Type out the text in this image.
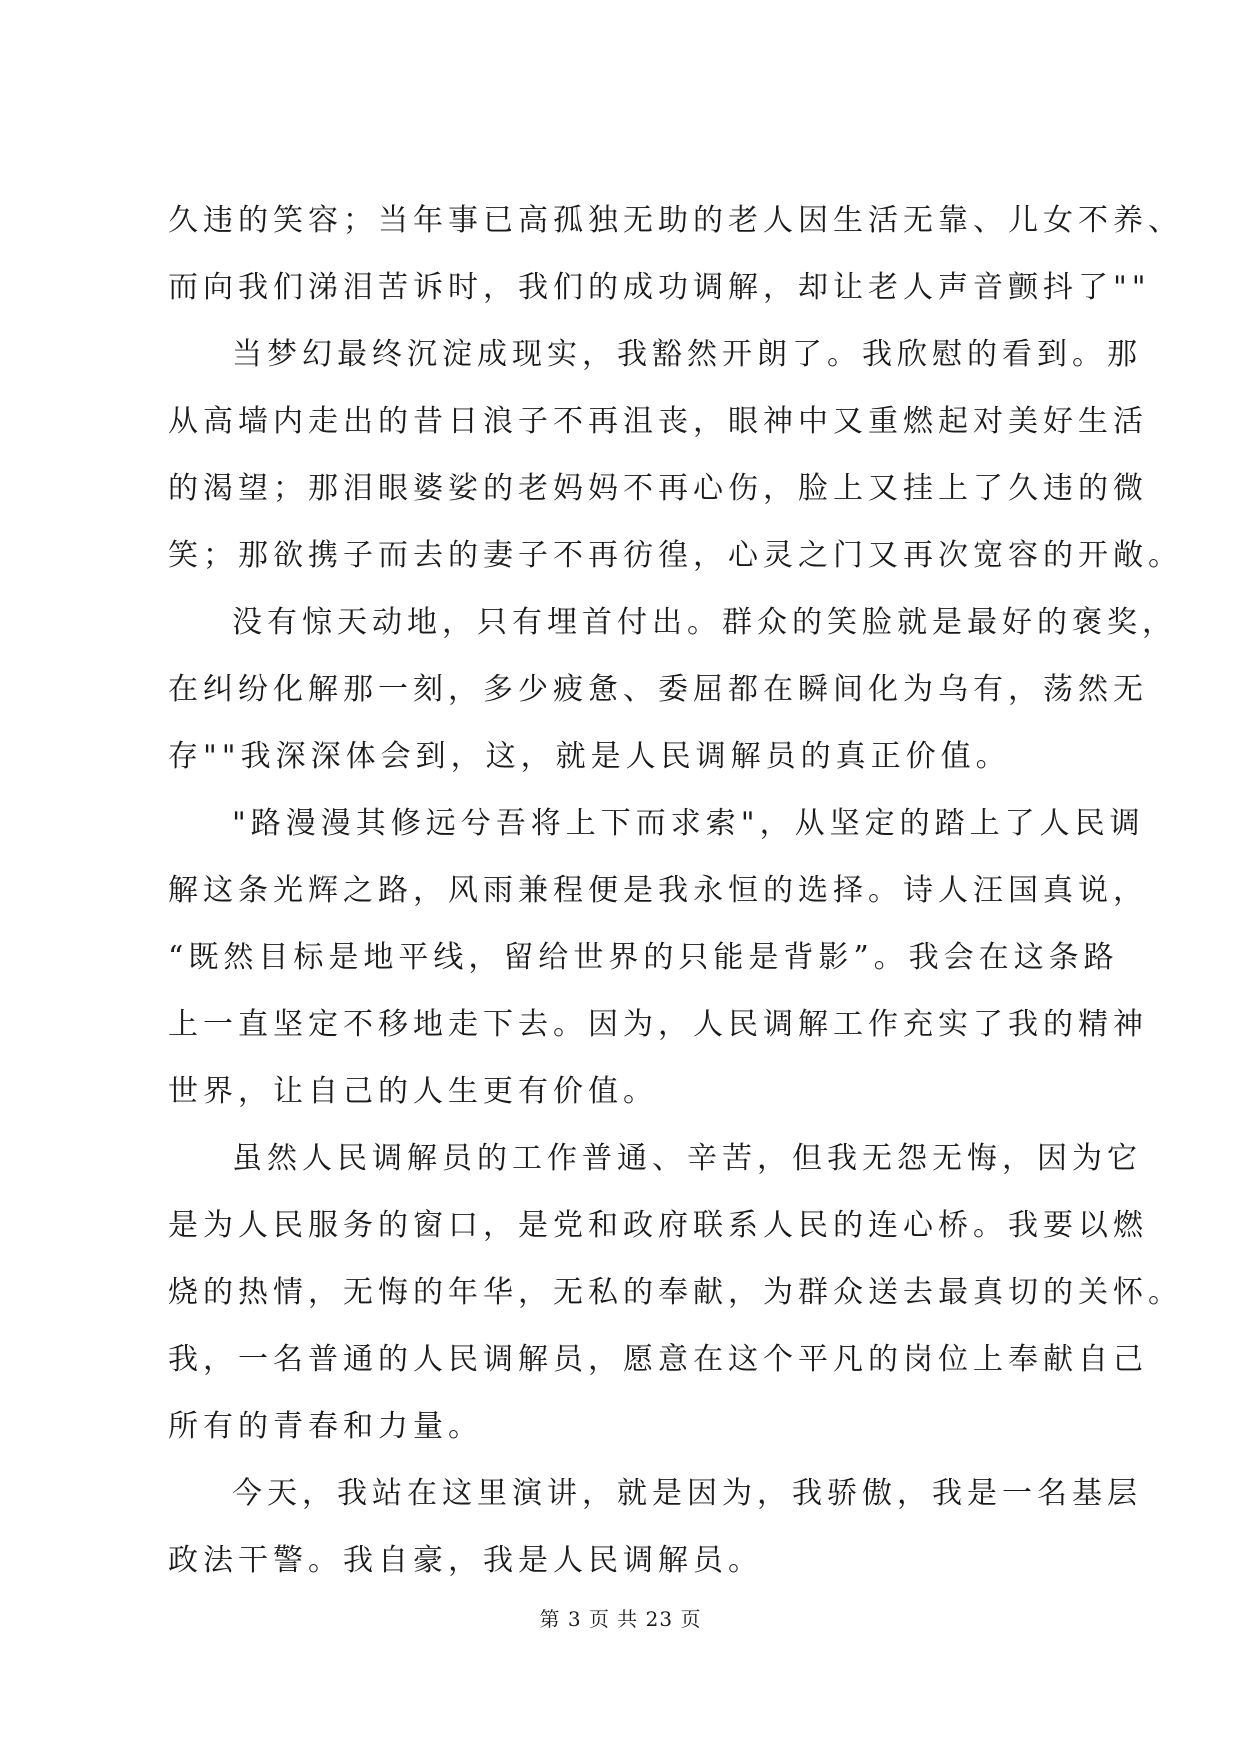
久违的笑容；当年事已高孤独无助的老人因生活无靠、儿女不养、
而向我们涕泪苦诉时，我们的成功调解，却让老人声音颤抖了""
当梦幻最终沉淀成现实，我豁然开朗了。我欣慰的看到。那
从高墙内走出的昔日浪子不再沮丧，眼神中又重燃起对美好生活
的渴望；那泪眼婆娑的老妈妈不再心伤，脸上又挂上了久违的微
笑；那欲携子而去的妻子不再彷徨，心灵之门又再次宽容的开敞。
没有惊天动地，只有埋首付出。群众的笑脸就是最好的褒奖，
在纠纷化解那一刻，多少疲惫、委屈都在瞬间化为乌有，荡然无
存""我深深体会到，这，就是人民调解员的真正价值。
"路漫漫其修远兮吾将上下而求索"，从坚定的踏上了人民调
解这条光辉之路，风雨兼程便是我永恒的选择。诗人汪国真说，
“既然目标是地平线，留给世界的只能是背影”。我会在这条路
上一直坚定不移地走下去。因为，人民调解工作充实了我的精神
世界，让自己的人生更有价值。
虽然人民调解员的工作普通、辛苦，但我无怨无悔，因为它
是为人民服务的窗口，是党和政府联系人民的连心桥。我要以燃
烧的热情，无悔的年华，无私的奉献，为群众送去最真切的关怀。
我，一名普通的人民调解员，愿意在这个平凡的岗位上奉献自己
所有的青春和力量。
今天，我站在这里演讲，就是因为，我骄傲，我是一名基层
政法干警。我自豪，我是人民调解员。
第 3 页 共 23 页
